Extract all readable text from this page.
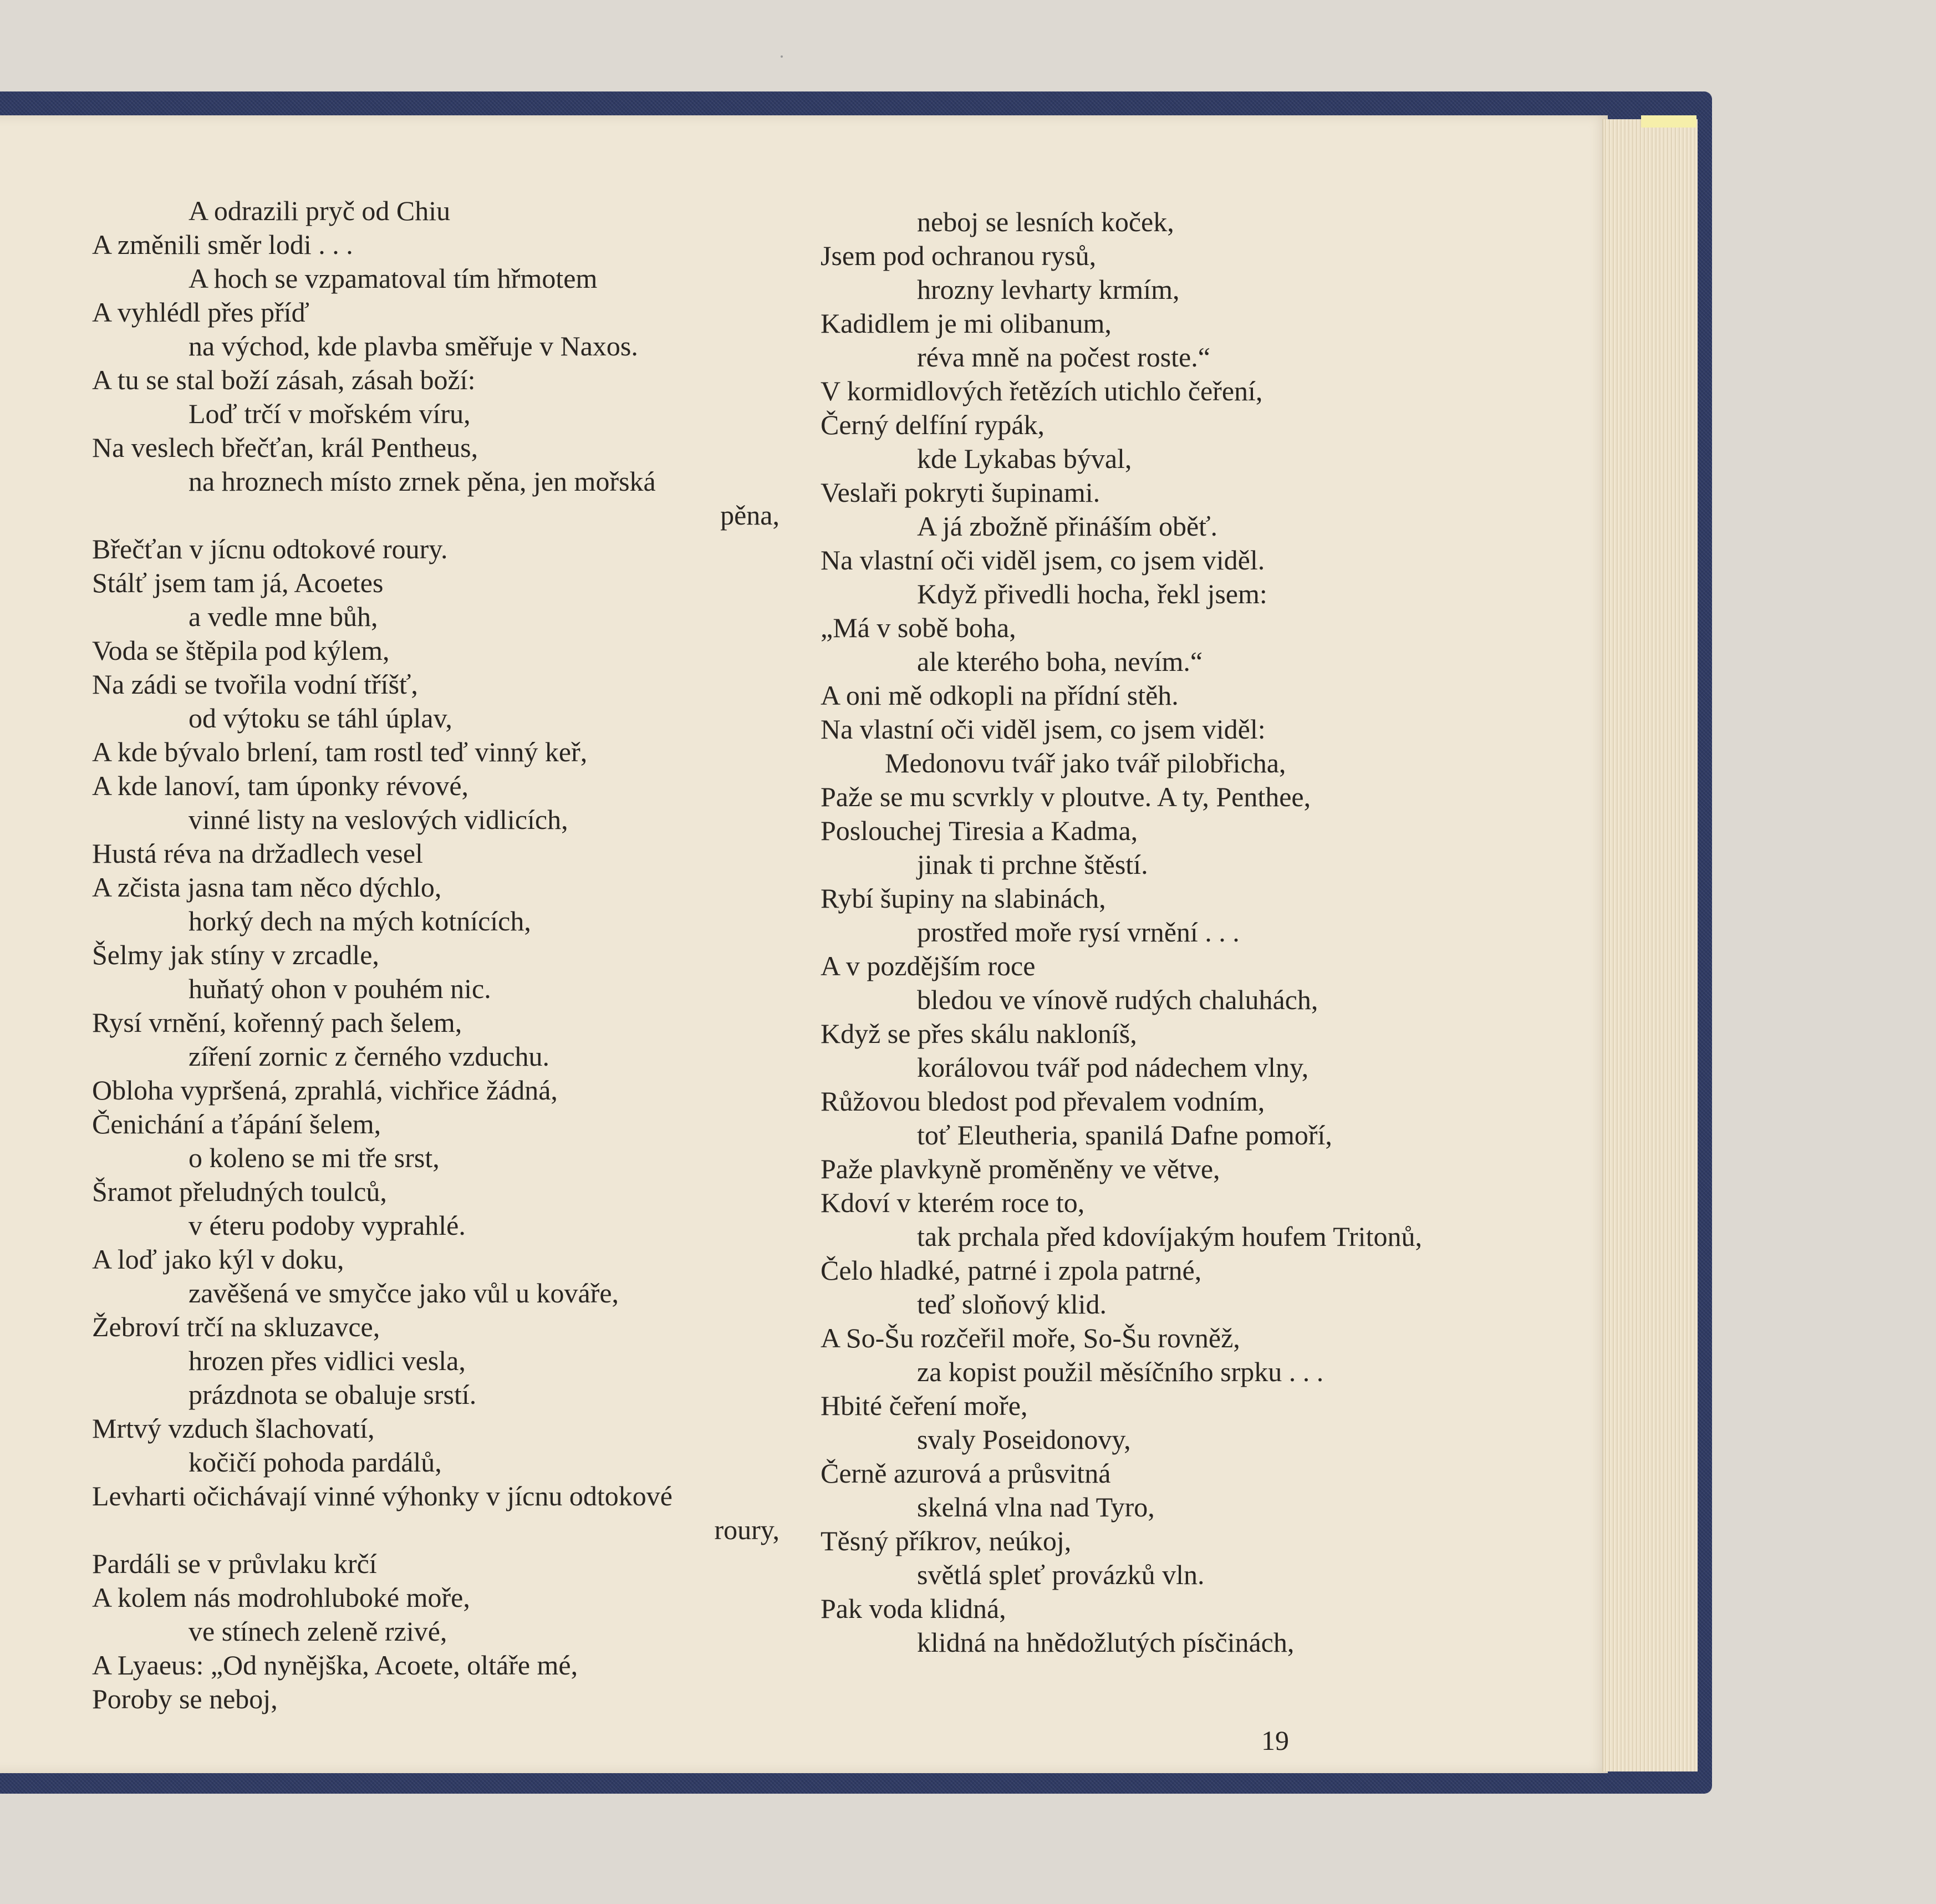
A odrazili pryč od Chiu
A změnili směr lodi . . .
A hoch se vzpamatoval tím hřmotem
A vyhlédl přes příď
na východ, kde plavba směřuje v Naxos.
A tu se stal boží zásah, zásah boží:
Loď trčí v mořském víru,
Na veslech břečťan, král Pentheus,
na hroznech místo zrnek pěna, jen mořská
pěna,
Břečťan v jícnu odtokové roury.
Stálť jsem tam já, Acoetes
a vedle mne bůh,
Voda se štěpila pod kýlem,
Na zádi se tvořila vodní tříšť,
od výtoku se táhl úplav,
A kde bývalo brlení, tam rostl teď vinný keř,
A kde lanoví, tam úponky révové,
vinné listy na veslových vidlicích,
Hustá réva na držadlech vesel
A zčista jasna tam něco dýchlo,
horký dech na mých kotnících,
Šelmy jak stíny v zrcadle,
huňatý ohon v pouhém nic.
Rysí vrnění, kořenný pach šelem,
zíření zornic z černého vzduchu.
Obloha vypršená, zprahlá, vichřice žádná,
Čenichání a ťápání šelem,
o koleno se mi tře srst,
Šramot přeludných toulců,
v éteru podoby vyprahlé.
A loď jako kýl v doku,
zavěšená ve smyčce jako vůl u kováře,
Žebroví trčí na skluzavce,
hrozen přes vidlici vesla,
prázdnota se obaluje srstí.
Mrtvý vzduch šlachovatí,
kočičí pohoda pardálů,
Levharti očichávají vinné výhonky v jícnu odtokové
roury,
Pardáli se v průvlaku krčí
A kolem nás modrohluboké moře,
ve stínech zeleně rzivé,
A Lyaeus: „Od nynějška, Acoete, oltáře mé,
Poroby se neboj,
neboj se lesních koček,
Jsem pod ochranou rysů,
hrozny levharty krmím,
Kadidlem je mi olibanum,
réva mně na počest roste.“
V kormidlových řetězích utichlo čeření,
Černý delfíní rypák,
kde Lykabas býval,
Veslaři pokryti šupinami.
A já zbožně přináším oběť.
Na vlastní oči viděl jsem, co jsem viděl.
Když přivedli hocha, řekl jsem:
„Má v sobě boha,
ale kterého boha, nevím.“
A oni mě odkopli na přídní stěh.
Na vlastní oči viděl jsem, co jsem viděl:
Medonovu tvář jako tvář pilobřicha,
Paže se mu scvrkly v ploutve. A ty, Penthee,
Poslouchej Tiresia a Kadma,
jinak ti prchne štěstí.
Rybí šupiny na slabinách,
prostřed moře rysí vrnění . . .
A v pozdějším roce
bledou ve vínově rudých chaluhách,
Když se přes skálu nakloníš,
korálovou tvář pod nádechem vlny,
Růžovou bledost pod převalem vodním,
toť Eleutheria, spanilá Dafne pomoří,
Paže plavkyně proměněny ve větve,
Kdoví v kterém roce to,
tak prchala před kdovíjakým houfem Tritonů,
Čelo hladké, patrné i zpola patrné,
teď sloňový klid.
A So-Šu rozčeřil moře, So-Šu rovněž,
za kopist použil měsíčního srpku . . .
Hbité čeření moře,
svaly Poseidonovy,
Černě azurová a průsvitná
skelná vlna nad Tyro,
Těsný příkrov, neúkoj,
světlá spleť provázků vln.
Pak voda klidná,
klidná na hnědožlutých písčinách,
19
